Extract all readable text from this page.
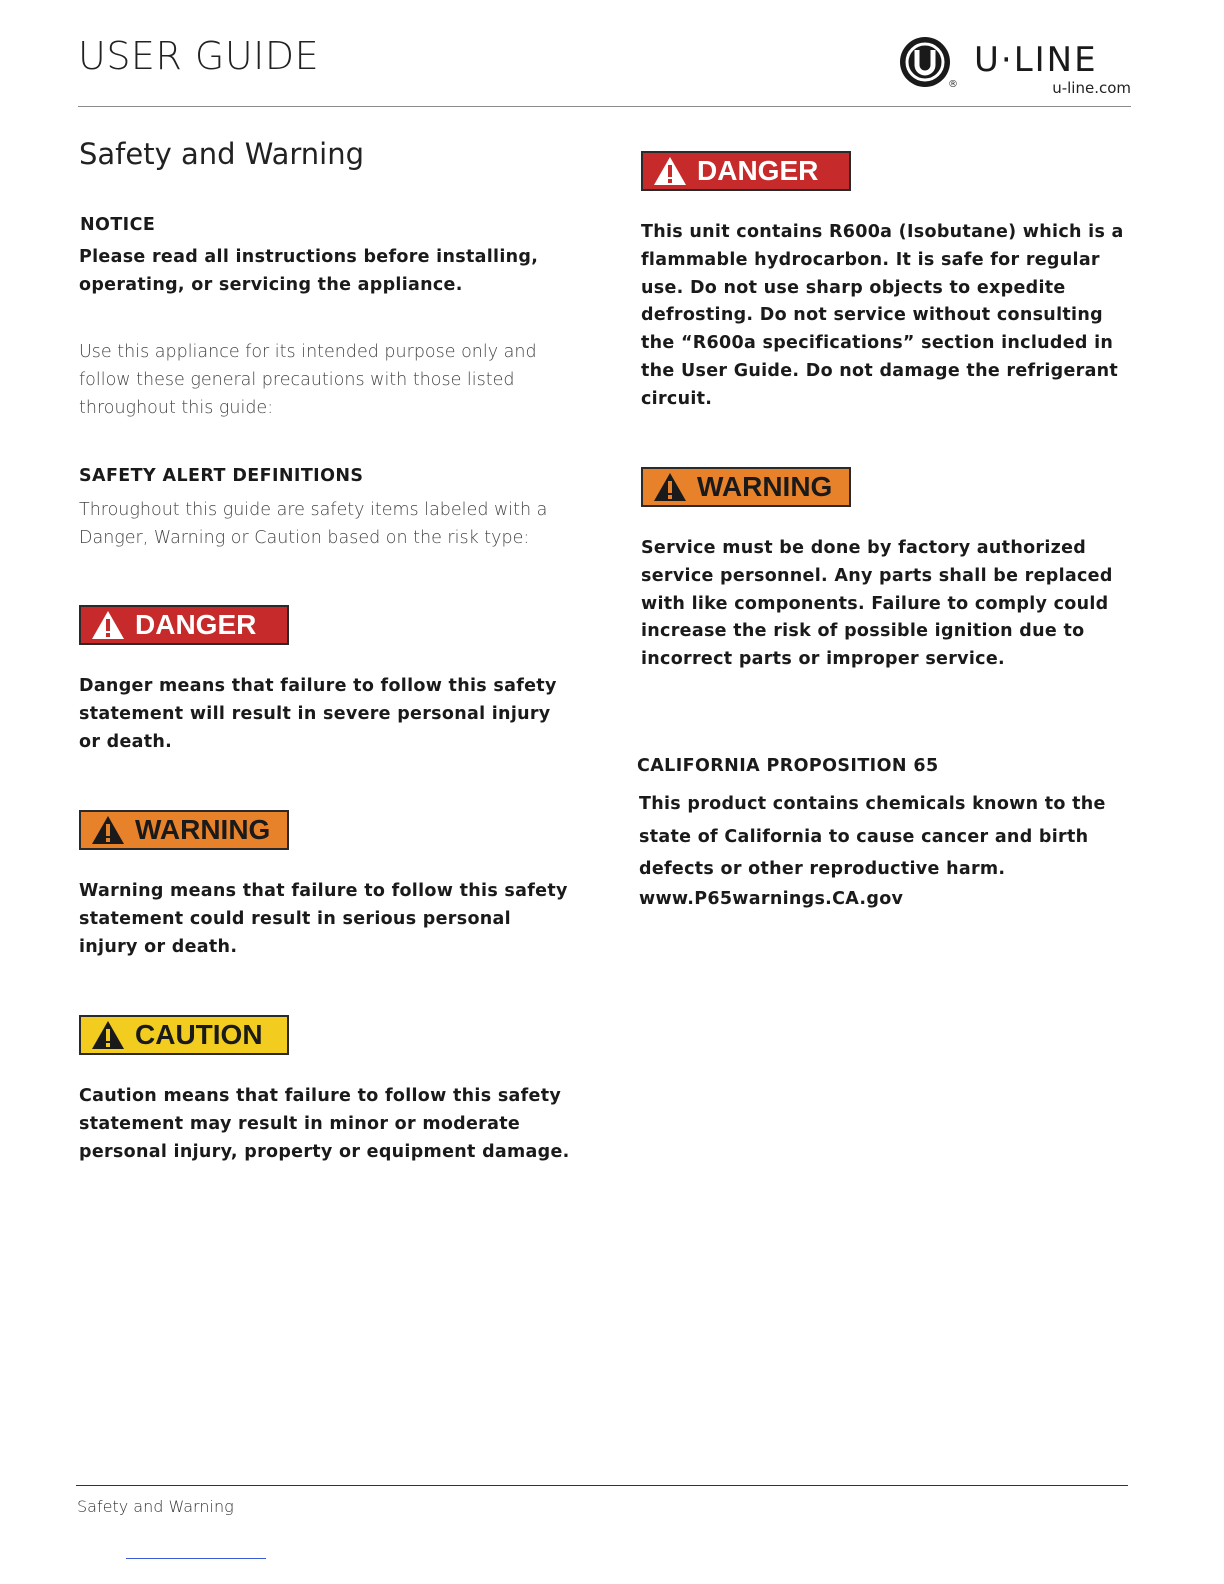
USER GUIDE
®
U·LINE
u-line.com
Safety and Warning
NOTICE
Please read all instructions before installing, operating, or servicing the appliance.
Use this appliance for its intended purpose only and follow these general precautions with those listed throughout this guide:
SAFETY ALERT DEFINITIONS
Throughout this guide are safety items labeled with a Danger, Warning or Caution based on the risk type:
DANGER
Danger means that failure to follow this safety statement will result in severe personal injury or death.
WARNING
Warning means that failure to follow this safety statement could result in serious personal injury or death.
CAUTION
Caution means that failure to follow this safety statement may result in minor or moderate personal injury, property or equipment damage.
DANGER
This unit contains R600a (Isobutane) which is a flammable hydrocarbon. It is safe for regular use. Do not use sharp objects to expedite defrosting. Do not service without consulting the “R600a specifications” section included in the User Guide. Do not damage the refrigerant circuit.
WARNING
Service must be done by factory authorized service personnel. Any parts shall be replaced with like components. Failure to comply could increase the risk of possible ignition due to incorrect parts or improper service.
CALIFORNIA PROPOSITION 65
This product contains chemicals known to the state of California to cause cancer and birth defects or other reproductive harm.
www.P65warnings.CA.gov
Safety and Warning
